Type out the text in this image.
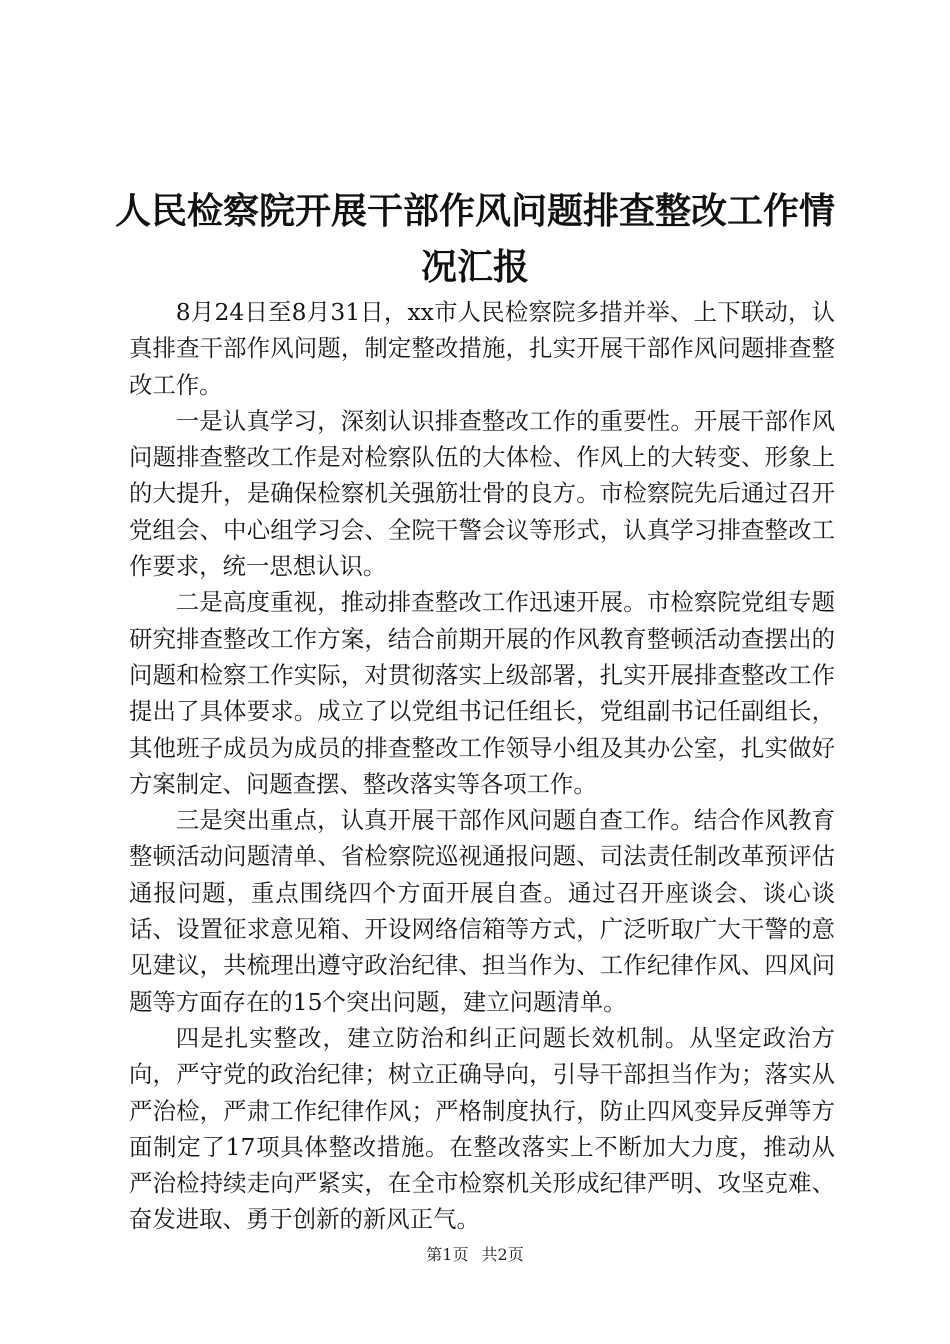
人民检察院开展干部作风问题排查整改工作情况汇报

8月24日至8月31日，xx市人民检察院多措并举、上下联动，认真排查干部作风问题，制定整改措施，扎实开展干部作风问题排查整改工作。

一是认真学习，深刻认识排查整改工作的重要性。开展干部作风问题排查整改工作是对检察队伍的大体检、作风上的大转变、形象上的大提升，是确保检察机关强筋壮骨的良方。市检察院先后通过召开党组会、中心组学习会、全院干警会议等形式，认真学习排查整改工作要求，统一思想认识。

二是高度重视，推动排查整改工作迅速开展。市检察院党组专题研究排查整改工作方案，结合前期开展的作风教育整顿活动查摆出的问题和检察工作实际，对贯彻落实上级部署，扎实开展排查整改工作提出了具体要求。成立了以党组书记任组长，党组副书记任副组长，其他班子成员为成员的排查整改工作领导小组及其办公室，扎实做好方案制定、问题查摆、整改落实等各项工作。

三是突出重点，认真开展干部作风问题自查工作。结合作风教育整顿活动问题清单、省检察院巡视通报问题、司法责任制改革预评估通报问题，重点围绕四个方面开展自查。通过召开座谈会、谈心谈话、设置征求意见箱、开设网络信箱等方式，广泛听取广大干警的意见建议，共梳理出遵守政治纪律、担当作为、工作纪律作风、四风问题等方面存在的15个突出问题，建立问题清单。

四是扎实整改，建立防治和纠正问题长效机制。从坚定政治方向，严守党的政治纪律；树立正确导向，引导干部担当作为；落实从严治检，严肃工作纪律作风；严格制度执行，防止四风变异反弹等方面制定了17项具体整改措施。在整改落实上不断加大力度，推动从严治检持续走向严紧实，在全市检察机关形成纪律严明、攻坚克难、奋发进取、勇于创新的新风正气。

第1页 共2页
